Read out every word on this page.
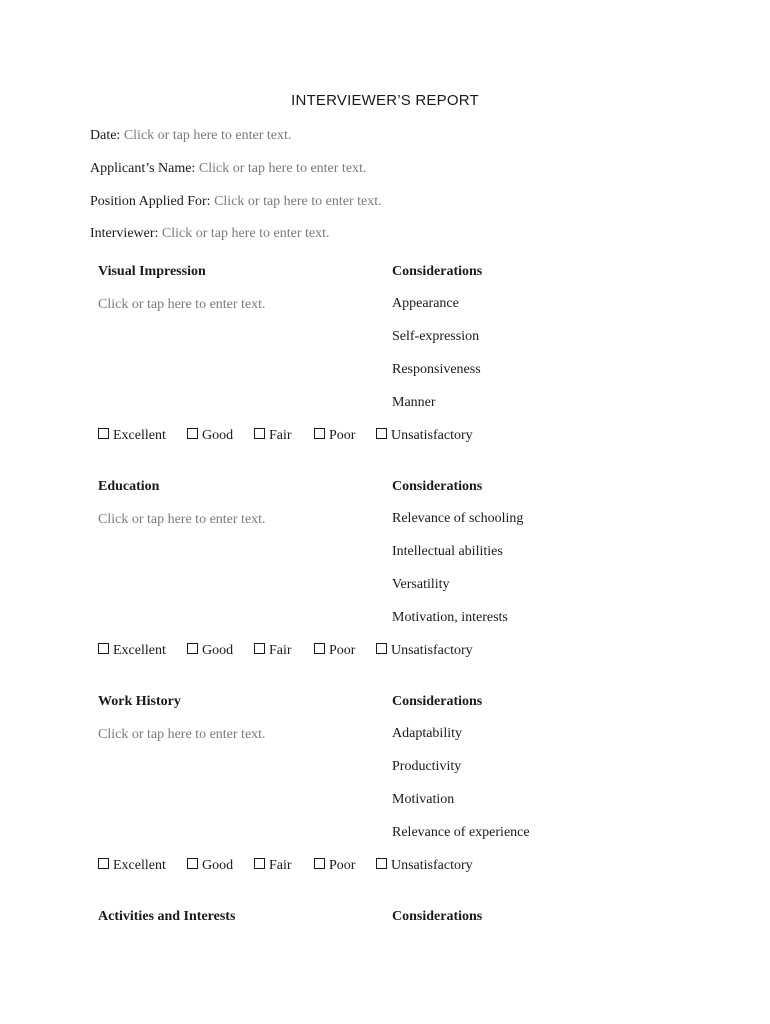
INTERVIEWER’S REPORT
Date: Click or tap here to enter text.
Applicant’s Name: Click or tap here to enter text.
Position Applied For: Click or tap here to enter text.
Interviewer: Click or tap here to enter text.
Visual Impression	Considerations
Click or tap here to enter text.	Appearance
Self-expression
Responsiveness
Manner
Excellent	Good	Fair	Poor	Unsatisfactory
Education	Considerations
Click or tap here to enter text.	Relevance of schooling
Intellectual abilities
Versatility
Motivation, interests
Excellent	Good	Fair	Poor	Unsatisfactory
Work History	Considerations
Click or tap here to enter text.	Adaptability
Productivity
Motivation
Relevance of experience
Excellent	Good	Fair	Poor	Unsatisfactory
Activities and Interests	Considerations
